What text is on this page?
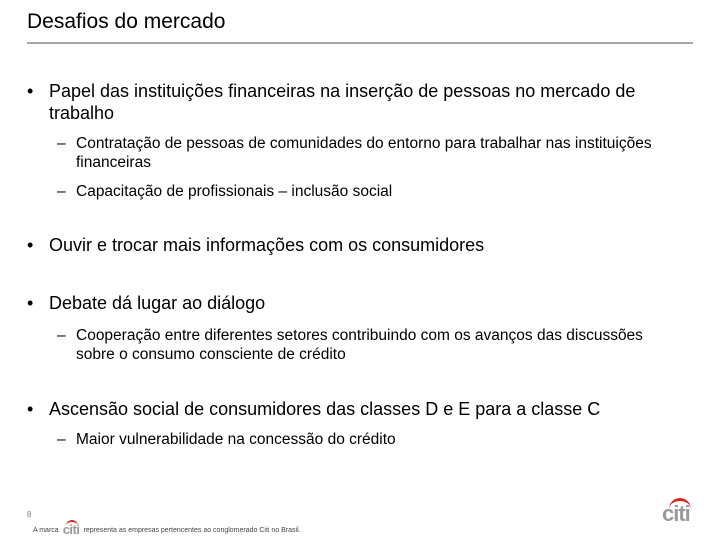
Desafios do mercado
• Papel das instituições financeiras na inserção de pessoas no mercado de trabalho
– Contratação de pessoas de comunidades do entorno para trabalhar nas instituições financeiras
– Capacitação de profissionais – inclusão social
• Ouvir e trocar mais informações com os consumidores
• Debate dá lugar ao diálogo
– Cooperação entre diferentes setores contribuindo com os avanços das discussões sobre o consumo consciente de crédito
• Ascensão social de consumidores das classes D e E para a classe C
– Maior vulnerabilidade na concessão do crédito
8
A marca citi representa as empresas pertencentes ao conglomerado Citi no Brasil.
citi
